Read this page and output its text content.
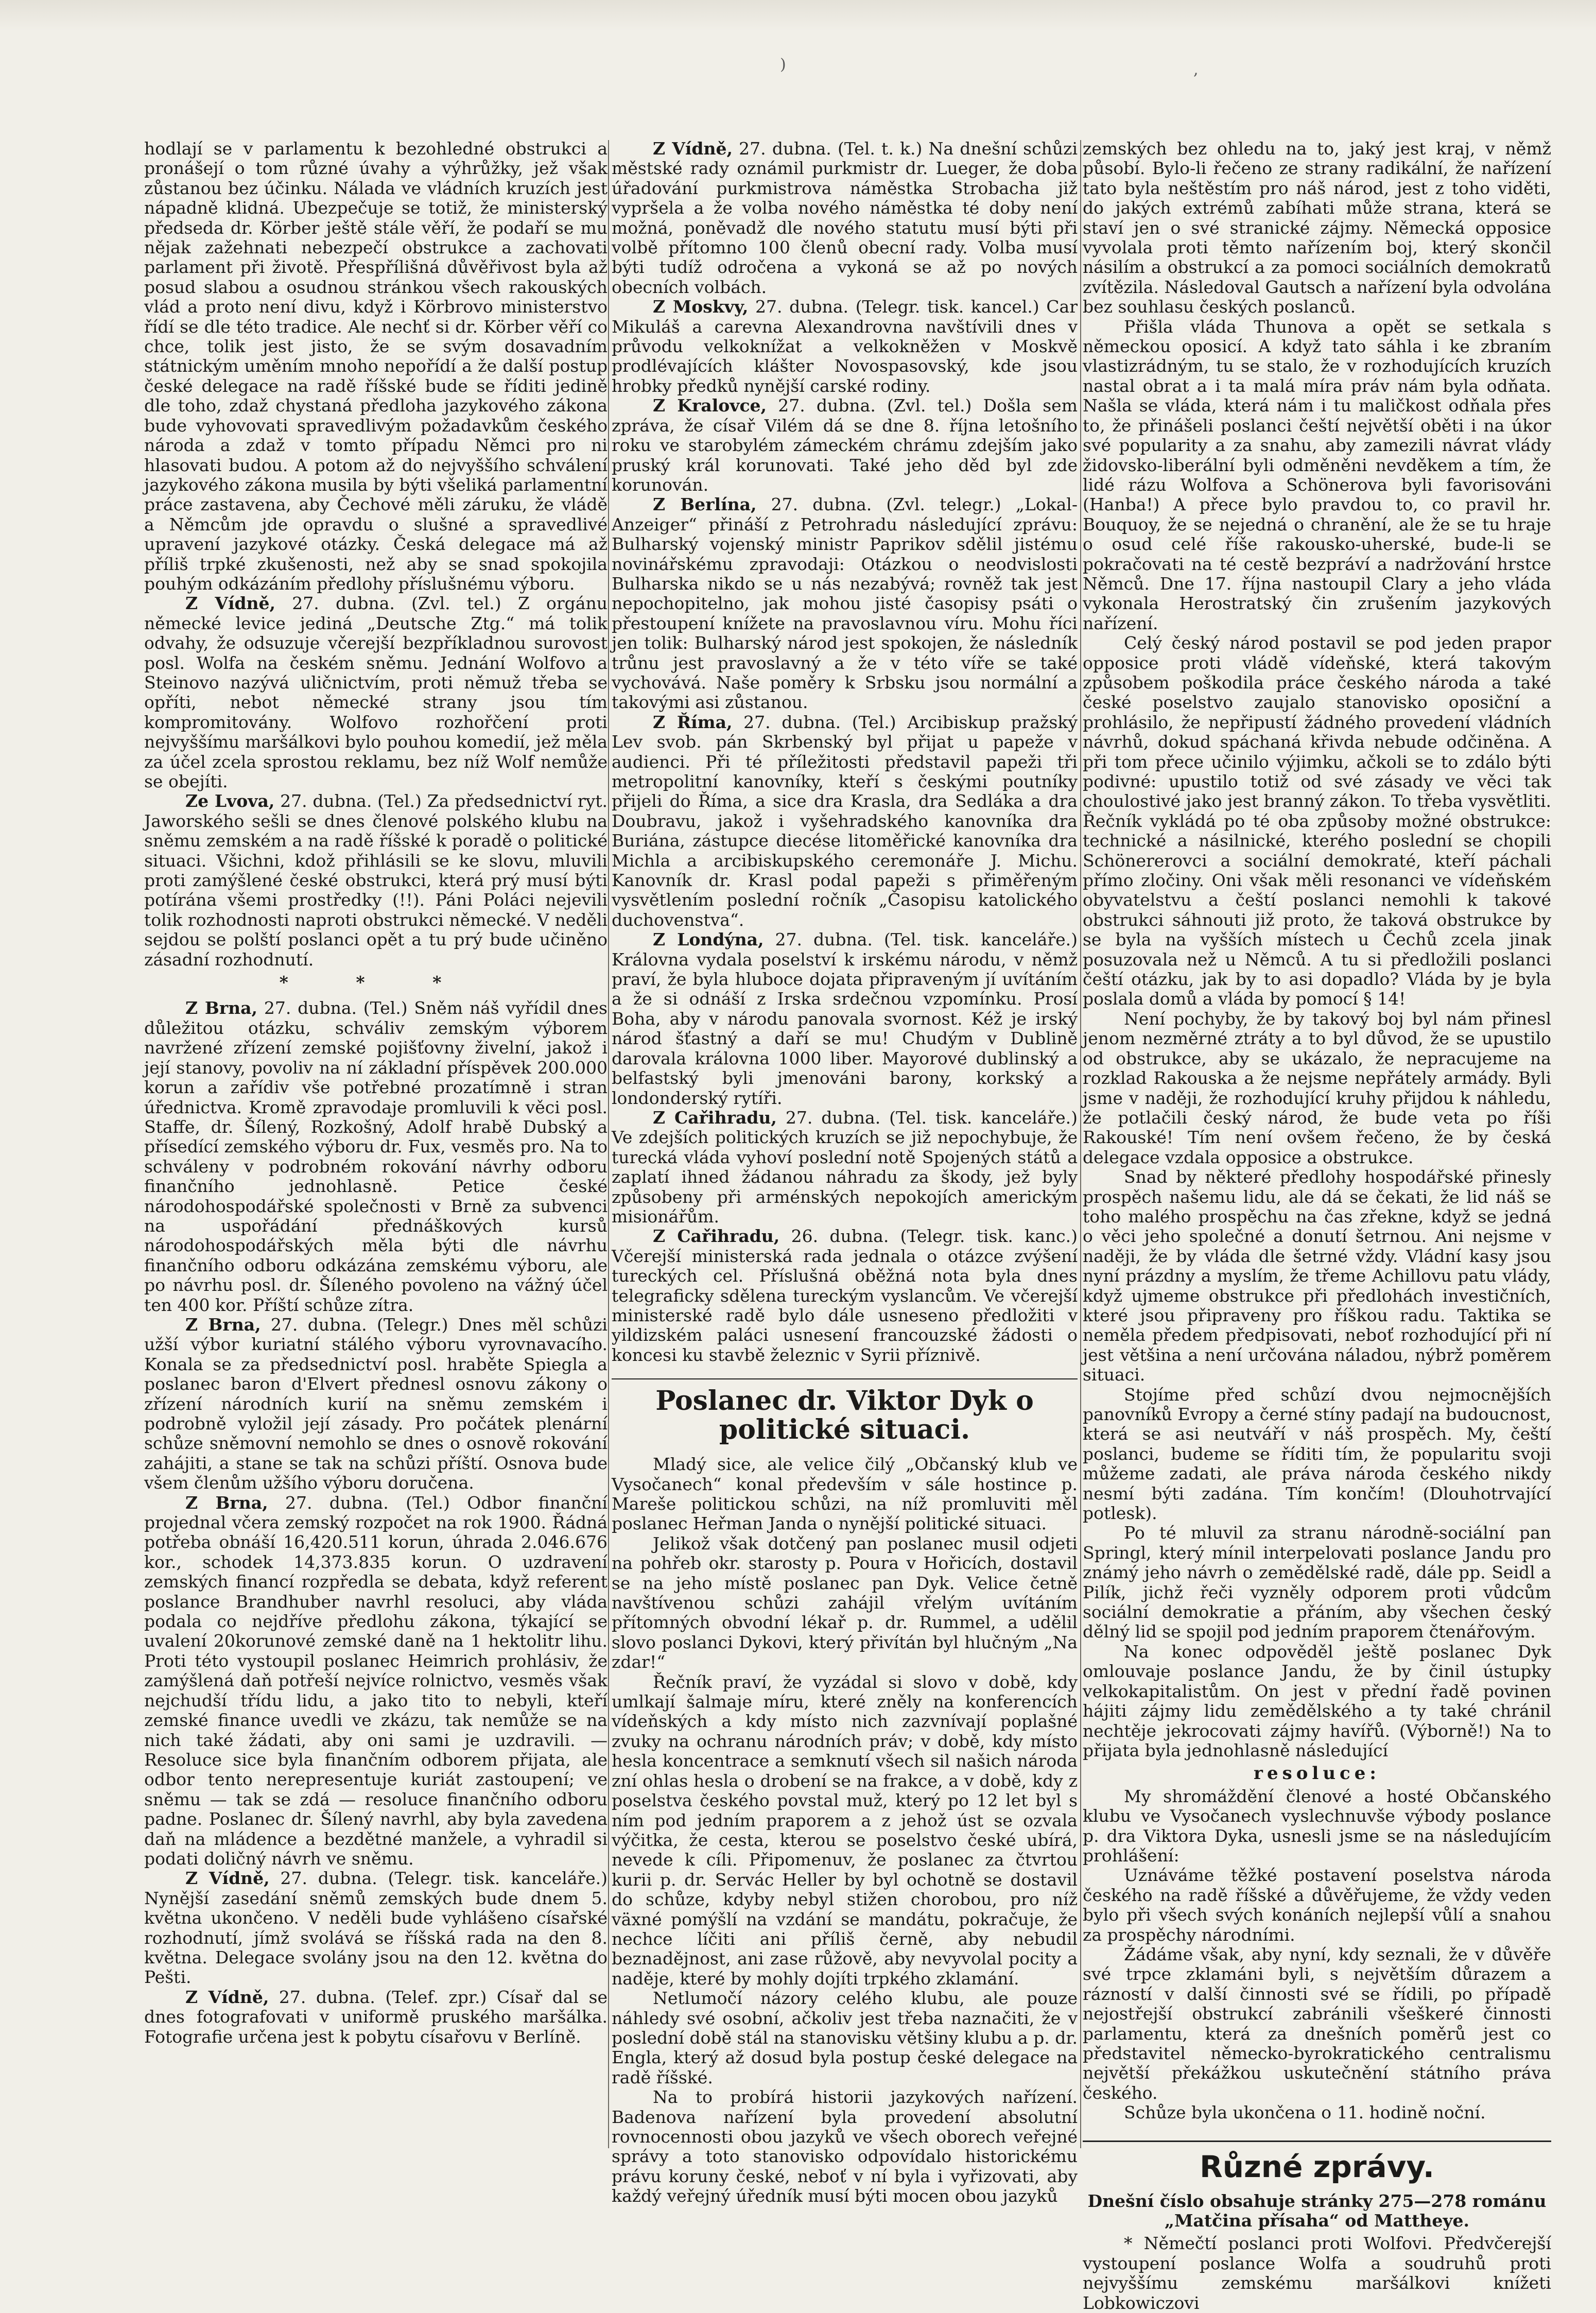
)	,

hodlají se v parlamentu k bezohledné obstrukci a pronášejí o tom různé úvahy a výhrůžky, jež však zůstanou bez účinku. Nálada ve vládních kruzích jest nápadně klidná. Ubezpečuje se totiž, že ministerský předseda dr. Körber ještě stále věří, že podaří se mu nějak zažehnati nebezpečí obstrukce a zachovati parlament při životě. Přespřílišná důvěřivost byla až posud slabou a osudnou stránkou všech rakouských vlád a proto není divu, když i Körbrovo ministerstvo řídí se dle této tradice. Ale nechť si dr. Körber věří co chce, tolik jest jisto, že se svým dosavadním státnickým uměním mnoho nepořídí a že další postup české delegace na radě říšské bude se říditi jedině dle toho, zdaž chystaná předloha jazykového zákona bude vyhovovati spravedlivým požadavkům českého národa a zdaž v tomto případu Němci pro ni hlasovati budou. A potom až do nejvyššího schválení jazykového zákona musila by býti všeliká parlamentní práce zastavena, aby Čechové měli záruku, že vládě a Němcům jde opravdu o slušné a spravedlivé upravení jazykové otázky. Česká delegace má až příliš trpké zkušenosti, než aby se snad spokojila pouhým odkázáním předlohy příslušnému výboru.

Z Vídně, 27. dubna. (Zvl. tel.) Z orgánu německé levice jediná „Deutsche Ztg.“ má tolik odvahy, že odsuzuje včerejší bezpříkladnou surovost posl. Wolfa na českém sněmu. Jednání Wolfovo a Steinovo nazývá uličnictvím, proti němuž třeba se opříti, nebot německé strany jsou tím kompromitovány. Wolfovo rozhořčení proti nejvyššímu maršálkovi bylo pouhou komedií, jež měla za účel zcela sprostou reklamu, bez níž Wolf nemůže se obejíti.

Ze Lvova, 27. dubna. (Tel.) Za předsednictví ryt. Jaworského sešli se dnes členové polského klubu na sněmu zemském a na radě říšské k poradě o politické situaci. Všichni, kdož přihlásili se ke slovu, mluvili proti zamýšlené české obstrukci, která prý musí býti potírána všemi prostředky (!!). Páni Poláci nejevili tolik rozhodnosti naproti obstrukci německé. V neděli sejdou se polští poslanci opět a tu prý bude učiněno zásadní rozhodnutí.

* * *

Z Brna, 27. dubna. (Tel.) Sněm náš vyřídil dnes důležitou otázku, schváliv zemským výborem navržené zřízení zemské pojišťovny živelní, jakož i její stanovy, povoliv na ní základní příspěvek 200.000 korun a zařídiv vše potřebné prozatímně i stran úřednictva. Kromě zpravodaje promluvili k věci posl. Staffe, dr. Šílený, Rozkošný, Adolf hrabě Dubský a přísedící zemského výboru dr. Fux, vesměs pro. Na to schváleny v podrobném rokování návrhy odboru finančního jednohlasně. Petice české národohospodářské společnosti v Brně za subvenci na uspořádání přednáškových kursů národohospodářských měla býti dle návrhu finančního odboru odkázána zemskému výboru, ale po návrhu posl. dr. Šíleného povoleno na vážný účel ten 400 kor. Příští schůze zítra.

Z Brna, 27. dubna. (Telegr.) Dnes měl schůzi užší výbor kuriatní stálého výboru vyrovnavacího. Konala se za předsednictví posl. hraběte Spiegla a poslanec baron d'Elvert přednesl osnovu zákony o zřízení národních kurií na sněmu zemském i podrobně vyložil její zásady. Pro počátek plenární schůze sněmovní nemohlo se dnes o osnově rokování zahájiti, a stane se tak na schůzi příští. Osnova bude všem členům užšího výboru doručena.

Z Brna, 27. dubna. (Tel.) Odbor finanční projednal včera zemský rozpočet na rok 1900. Řádná potřeba obnáší 16,420.511 korun, úhrada 2.046.676 kor., schodek 14,373.835 korun. O uzdravení zemských financí rozpředla se debata, když referent poslance Brandhuber navrhl resoluci, aby vláda podala co nejdříve předlohu zákona, týkající se uvalení 20korunové zemské daně na 1 hektolitr lihu. Proti této vystoupil poslanec Heimrich prohlásiv, že zamýšlená daň potřeší nejvíce rolnictvo, vesměs však nejchudší třídu lidu, a jako tito to nebyli, kteří zemské finance uvedli ve zkázu, tak nemůže se na nich také žádati, aby oni sami je uzdravili. — Resoluce sice byla finančním odborem přijata, ale odbor tento nerepresentuje kuriát zastoupení; ve sněmu — tak se zdá — resoluce finančního odboru padne. Poslanec dr. Šílený navrhl, aby byla zavedena daň na mládence a bezdětné manžele, a vyhradil si podati doličný návrh ve sněmu.

Z Vídně, 27. dubna. (Telegr. tisk. kanceláře.) Nynější zasedání sněmů zemských bude dnem 5. května ukončeno. V neděli bude vyhlášeno císařské rozhodnutí, jímž svolává se říšská rada na den 8. května. Delegace svolány jsou na den 12. května do Pešti.

Z Vídně, 27. dubna. (Telef. zpr.) Císař dal se dnes fotografovati v uniformě pruského maršálka. Fotografie určena jest k pobytu císařovu v Berlíně.

Z Vídně, 27. dubna. (Tel. t. k.) Na dnešní schůzi městské rady oznámil purkmistr dr. Lueger, že doba úřadování purkmistrova náměstka Strobacha již vypršela a že volba nového náměstka té doby není možná, poněvadž dle nového statutu musí býti při volbě přítomno 100 členů obecní rady. Volba musí býti tudíž odročena a vykoná se až po nových obecních volbách.

Z Moskvy, 27. dubna. (Telegr. tisk. kancel.) Car Mikuláš a carevna Alexandrovna navštívili dnes v průvodu velkoknížat a velkokněžen v Moskvě prodlévajících klášter Novospasovský, kde jsou hrobky předků nynější carské rodiny.

Z Kralovce, 27. dubna. (Zvl. tel.) Došla sem zpráva, že císař Vilém dá se dne 8. října letošního roku ve starobylém zámeckém chrámu zdejším jako pruský král korunovati. Také jeho děd byl zde korunován.

Z Berlína, 27. dubna. (Zvl. telegr.) „Lokal-Anzeiger“ přináší z Petrohradu následující zprávu: Bulharský vojenský ministr Paprikov sdělil jistému novinářskému zpravodaji: Otázkou o neodvislosti Bulharska nikdo se u nás nezabývá; rovněž tak jest nepochopitelno, jak mohou jisté časopisy psáti o přestoupení knížete na pravoslavnou víru. Mohu říci jen tolik: Bulharský národ jest spokojen, že následník trůnu jest pravoslavný a že v této víře se také vychovává. Naše poměry k Srbsku jsou normální a takovými asi zůstanou.

Z Říma, 27. dubna. (Tel.) Arcibiskup pražský Lev svob. pán Skrbenský byl přijat u papeže v audienci. Při té příležitosti představil papeži tři metropolitní kanovníky, kteří s českými poutníky přijeli do Říma, a sice dra Krasla, dra Sedláka a dra Doubravu, jakož i vyšehradského kanovníka dra Buriána, zástupce diecése litoměřické kanovníka dra Michla a arcibiskupského ceremonáře J. Michu. Kanovník dr. Krasl podal papeži s přiměřeným vysvětlením poslední ročník „Časopisu katolického duchovenstva“.

Z Londýna, 27. dubna. (Tel. tisk. kanceláře.) Královna vydala poselství k irskému národu, v němž praví, že byla hluboce dojata připraveným jí uvítáním a že si odnáší z Irska srdečnou vzpomínku. Prosí Boha, aby v národu panovala svornost. Kéž je irský národ šťastný a daří se mu! Chudým v Dublině darovala královna 1000 liber. Mayorové dublinský a belfastský byli jmenováni barony, korkský a londonderský rytíři.

Z Cařihradu, 27. dubna. (Tel. tisk. kanceláře.) Ve zdejších politických kruzích se již nepochybuje, že turecká vláda vyhoví poslední notě Spojených států a zaplatí ihned žádanou náhradu za škody, jež byly způsobeny při arménských nepokojích americkým misionářům.

Z Cařihradu, 26. dubna. (Telegr. tisk. kanc.) Včerejší ministerská rada jednala o otázce zvýšení tureckých cel. Příslušná oběžná nota byla dnes telegraficky sdělena tureckým vyslancům. Ve včerejší ministerské radě bylo dále usneseno předložiti v yildizském paláci usnesení francouzské žádosti o koncesi ku stavbě železnic v Syrii příznivě.

Poslanec dr. Viktor Dyk o politické situaci.

Mladý sice, ale velice čilý „Občanský klub ve Vysočanech“ konal především v sále hostince p. Mareše politickou schůzi, na níž promluviti měl poslanec Heřman Janda o nynější politické situaci.

Jelikož však dotčený pan poslanec musil odjeti na pohřeb okr. starosty p. Poura v Hořicích, dostavil se na jeho místě poslanec pan Dyk. Velice četně navštívenou schůzi zahájil vřelým uvítáním přítomných obvodní lékař p. dr. Rummel, a udělil slovo poslanci Dykovi, který přivítán byl hlučným „Na zdar!“

Řečník praví, že vyzádal si slovo v době, kdy umlkají šalmaje míru, které zněly na konferencích vídeňských a kdy místo nich zazvnívají poplašné zvuky na ochranu národních práv; v době, kdy místo hesla koncentrace a semknutí všech sil našich národa zní ohlas hesla o drobení se na frakce, a v době, kdy z poselstva českého povstal muž, který po 12 let byl s ním pod jedním praporem a z jehož úst se ozvala výčitka, že cesta, kterou se poselstvo české ubírá, nevede k cíli. Připomenuv, že poslanec za čtvrtou kurii p. dr. Servác Heller by byl ochotně se dostavil do schůze, kdyby nebyl stižen chorobou, pro níž växné pomýšlí na vzdání se mandátu, pokračuje, že nechce líčiti ani příliš černě, aby nebudil beznadějnost, ani zase růžově, aby nevyvolal pocity a naděje, které by mohly dojíti trpkého zklamání.

Netlumočí názory celého klubu, ale pouze náhledy své osobní, ačkoliv jest třeba naznačiti, že v poslední době stál na stanovisku většiny klubu a p. dr. Engla, který až dosud byla postup české delegace na radě říšské.

Na to probírá historii jazykových nařízení. Badenova nařízení byla provedení absolutní rovnocennosti obou jazyků ve všech oborech veřejné správy a toto stanovisko odpovídalo historickému právu koruny české, neboť v ní byla i vyřizovati, aby každý veřejný úředník musí býti mocen obou jazyků

zemských bez ohledu na to, jaký jest kraj, v němž působí. Bylo-li řečeno ze strany radikální, že nařízení tato byla neštěstím pro náš národ, jest z toho viděti, do jakých extrémů zabíhati může strana, která se staví jen o své stranické zájmy. Německá opposice vyvolala proti těmto nařízením boj, který skončil násilím a obstrukcí a za pomoci sociálních demokratů zvítězila. Následoval Gautsch a nařízení byla odvolána bez souhlasu českých poslanců.

Přišla vláda Thunova a opět se setkala s německou oposicí. A když tato sáhla i ke zbraním vlastizrádným, tu se stalo, že v rozhodujících kruzích nastal obrat a i ta malá míra práv nám byla odňata. Našla se vláda, která nám i tu maličkost odňala přes to, že přinášeli poslanci čeští největší oběti i na úkor své popularity a za snahu, aby zamezili návrat vlády židovsko-liberální byli odměněni nevděkem a tím, že lidé rázu Wolfova a Schönerova byli favorisováni (Hanba!) A přece bylo pravdou to, co pravil hr. Bouquoy, že se nejedná o chranění, ale že se tu hraje o osud celé říše rakousko-uherské, bude-li se pokračovati na té cestě bezpráví a nadržování hrstce Němců. Dne 17. října nastoupil Clary a jeho vláda vykonala Herostratský čin zrušením jazykových nařízení.

Celý český národ postavil se pod jeden prapor opposice proti vládě vídeňské, která takovým způsobem poškodila práce českého národa a také české poselstvo zaujalo stanovisko oposiční a prohlásilo, že nepřipustí žádného provedení vládních návrhů, dokud spáchaná křivda nebude odčiněna. A při tom přece učinilo výjimku, ačkoli se to zdálo býti podivné: upustilo totiž od své zásady ve věci tak choulostivé jako jest branný zákon. To třeba vysvětliti. Řečník vykládá po té oba způsoby možné obstrukce: technické a násilnické, kterého poslední se chopili Schönererovci a sociální demokraté, kteří páchali přímo zločiny. Oni však měli resonanci ve vídeňském obyvatelstvu a čeští poslanci nemohli k takové obstrukci sáhnouti již proto, že taková obstrukce by se byla na vyšších místech u Čechů zcela jinak posuzovala než u Němců. A tu si předložili poslanci čeští otázku, jak by to asi dopadlo? Vláda by je byla poslala domů a vláda by pomocí § 14!

Není pochyby, že by takový boj byl nám přinesl jenom nezměrné ztráty a to byl důvod, že se upustilo od obstrukce, aby se ukázalo, že nepracujeme na rozklad Rakouska a že nejsme nepřátely armády. Byli jsme v naději, že rozhodující kruhy přijdou k náhledu, že potlačili český národ, že bude veta po říši Rakouské! Tím není ovšem řečeno, že by česká delegace vzdala opposice a obstrukce.

Snad by některé předlohy hospodářské přinesly prospěch našemu lidu, ale dá se čekati, že lid náš se toho malého prospěchu na čas zřekne, když se jedná o věci jeho společné a donutí šetrnou. Ani nejsme v naději, že by vláda dle šetrné vždy. Vládní kasy jsou nyní prázdny a myslím, že třeme Achillovu patu vlády, když ujmeme obstrukce při předlohách investičních, které jsou připraveny pro říškou radu. Taktika se neměla předem předpisovati, neboť rozhodující při ní jest většina a není určována náladou, nýbrž poměrem situaci.

Stojíme před schůzí dvou nejmocnějších panovníků Evropy a černé stíny padají na budoucnost, která se asi neutváří v náš prospěch. My, čeští poslanci, budeme se říditi tím, že popularitu svoji můžeme zadati, ale práva národa českého nikdy nesmí býti zadána. Tím končím! (Dlouhotrvající potlesk).

Po té mluvil za stranu národně-sociální pan Springl, který mínil interpelovati poslance Jandu pro známý jeho návrh o zemědělské radě, dále pp. Seidl a Pilík, jichž řeči vyzněly odporem proti vůdcům sociální demokratie a přáním, aby všechen český dělný lid se spojil pod jedním praporem čtenářovým.

Na konec odpověděl ještě poslanec Dyk omlouvaje poslance Jandu, že by činil ústupky velkokapitalistům. On jest v přední řadě povinen hájiti zájmy lidu zemědělského a ty také chránil nechtěje jekrocovati zájmy havířů. (Výborně!) Na to přijata byla jednohlasně následující

resoluce:

My shromáždění členové a hosté Občanského klubu ve Vysočanech vyslechnuvše výbody poslance p. dra Viktora Dyka, usnesli jsme se na následujícím prohlášení:

Uznáváme těžké postavení poselstva národa českého na radě říšské a důvěřujeme, že vždy veden bylo při všech svých konáních nejlepší vůlí a snahou za prospěchy národními.

Žádáme však, aby nyní, kdy seznali, že v důvěře své trpce zklamáni byli, s největším důrazem a rázností v další činnosti své se řídili, po případě nejostřejší obstrukcí zabránili všeškeré činnosti parlamentu, která za dnešních poměrů jest co představitel německo-byrokratického centralismu největší překážkou uskutečnění státního práva českého.

Schůze byla ukončena o 11. hodině noční.

Různé zprávy.
Dnešní číslo obsahuje stránky 275—278 románu „Matčina přísaha“ od Mattheye.

* Němečtí poslanci proti Wolfovi. Předvčerejší vystoupení poslance Wolfa a soudruhů proti nejvyššímu zemskému maršálkovi knížeti Lobkowiczovi
